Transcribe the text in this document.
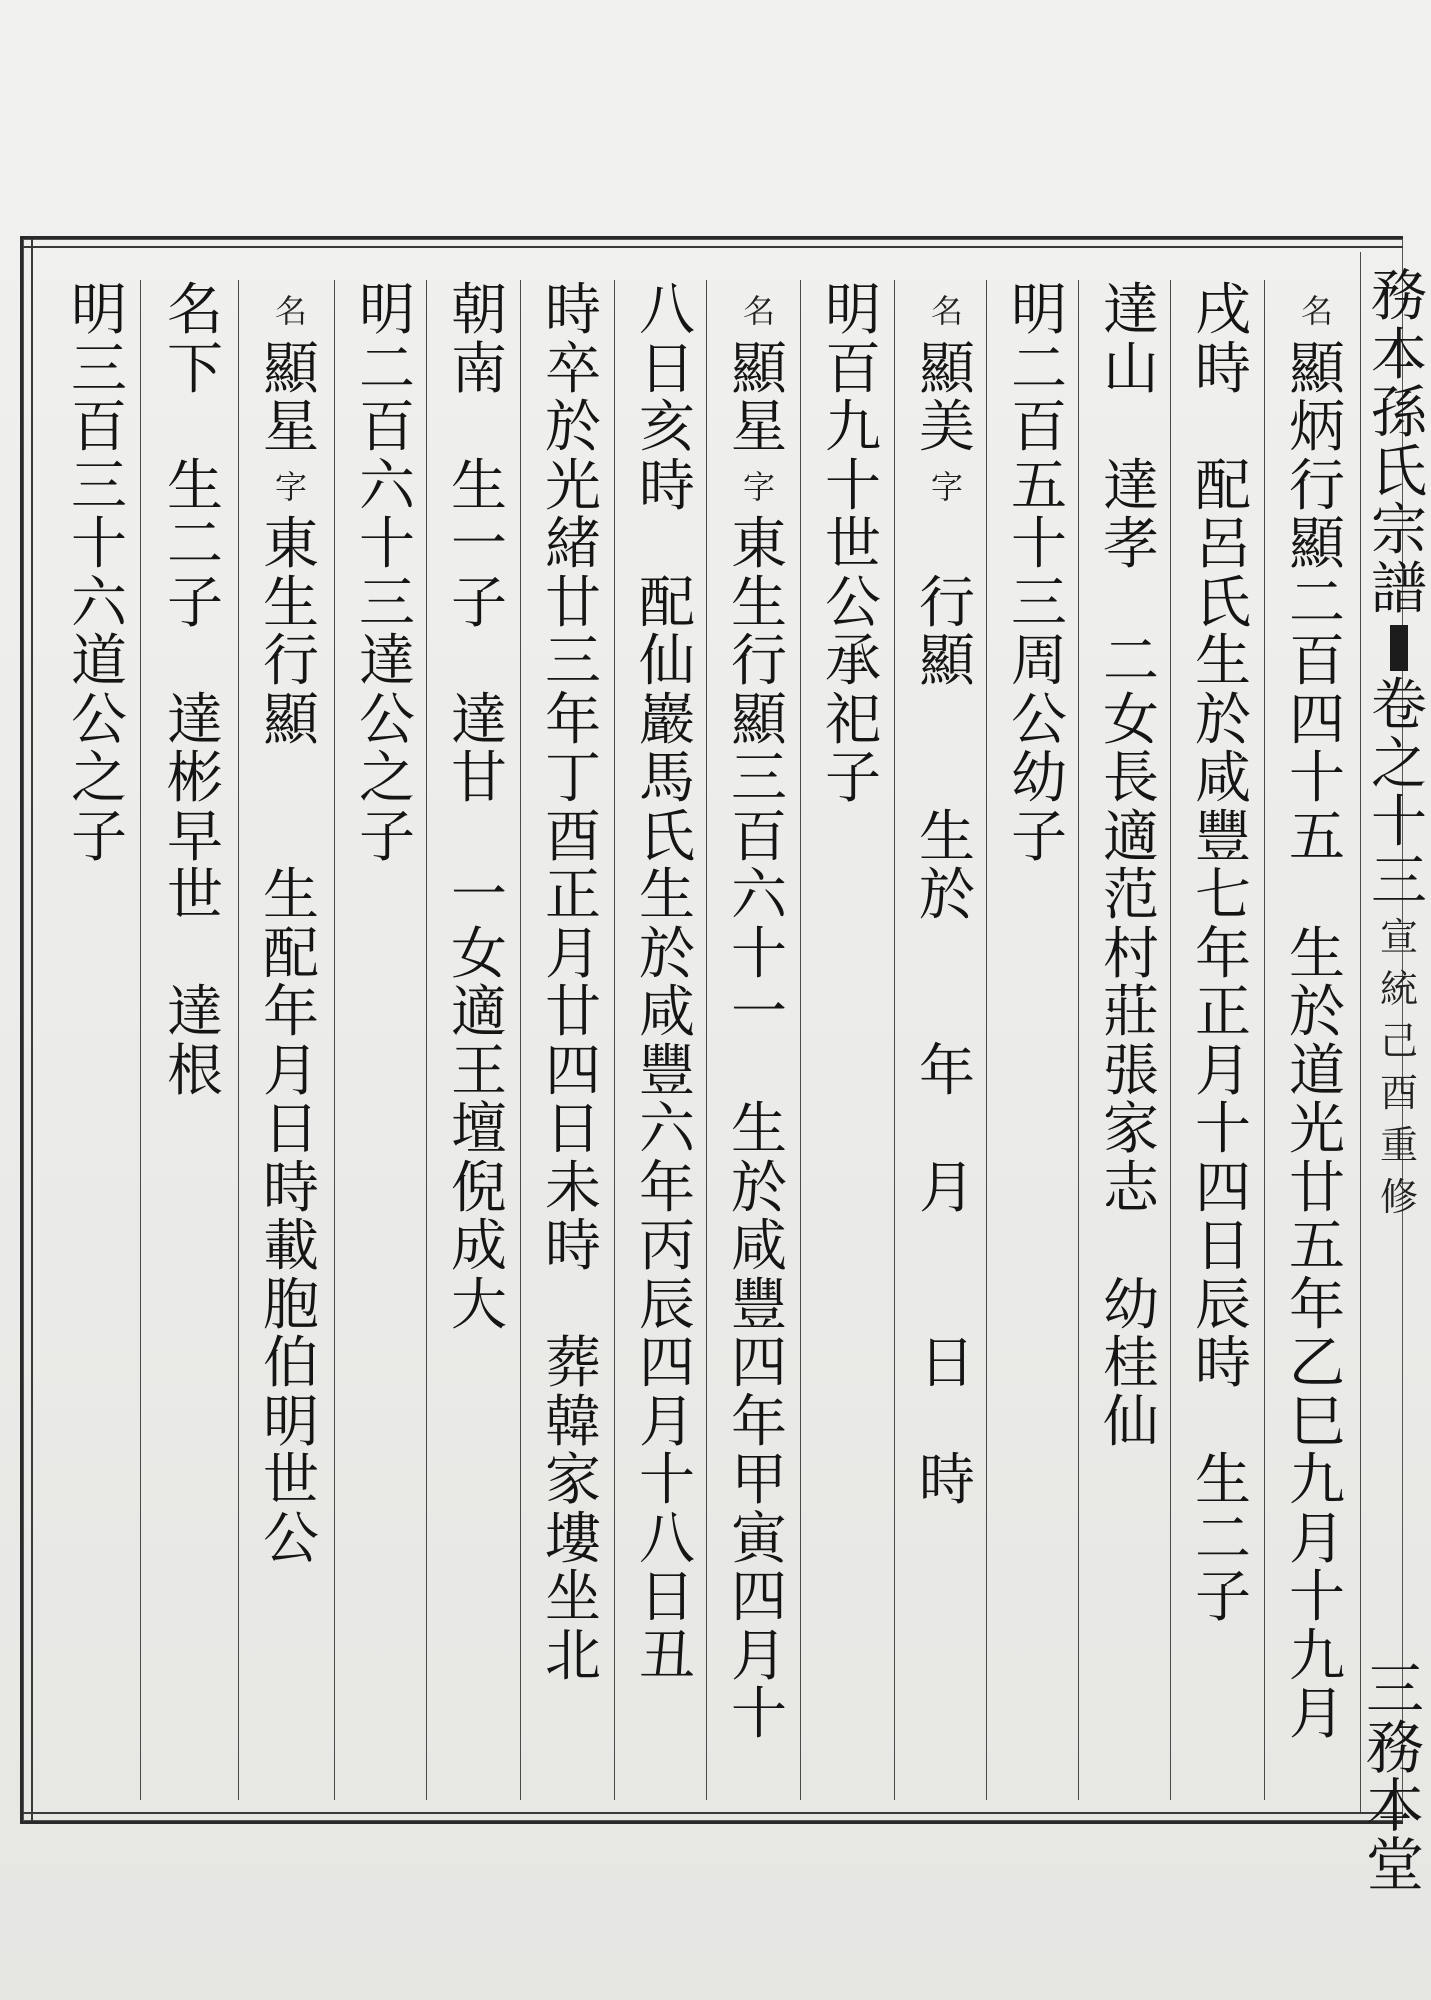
務
本
孫
氏
宗
譜
卷
之
十
三
宣
統
己
酉
重
修
三
務
本
堂
名
顯
炳
行
顯
二
百
四
十
五
生
於
道
光
廿
五
年
乙
巳
九
月
十
九
月
戌
時
配
呂
氏
生
於
咸
豐
七
年
正
月
十
四
日
辰
時
生
二
子
達
山
達
孝
二
女
長
適
范
村
莊
張
家
志
幼
桂
仙
明
二
百
五
十
三
周
公
幼
子
名
顯
美
字
行
顯
生
於
年
月
日
時
明
百
九
十
世
公
承
祀
子
名
顯
星
字
東
生
行
顯
三
百
六
十
一
生
於
咸
豐
四
年
甲
寅
四
月
十
八
日
亥
時
配
仙
巖
馬
氏
生
於
咸
豐
六
年
丙
辰
四
月
十
八
日
丑
時
卒
於
光
緒
廿
三
年
丁
酉
正
月
廿
四
日
未
時
葬
韓
家
塿
坐
北
朝
南
生
一
子
達
甘
一
女
適
王
壇
倪
成
大
明
二
百
六
十
三
達
公
之
子
名
顯
星
字
東
生
行
顯
生
配
年
月
日
時
載
胞
伯
明
世
公
名
下
生
二
子
達
彬
早
世
達
根
明
三
百
三
十
六
道
公
之
子
